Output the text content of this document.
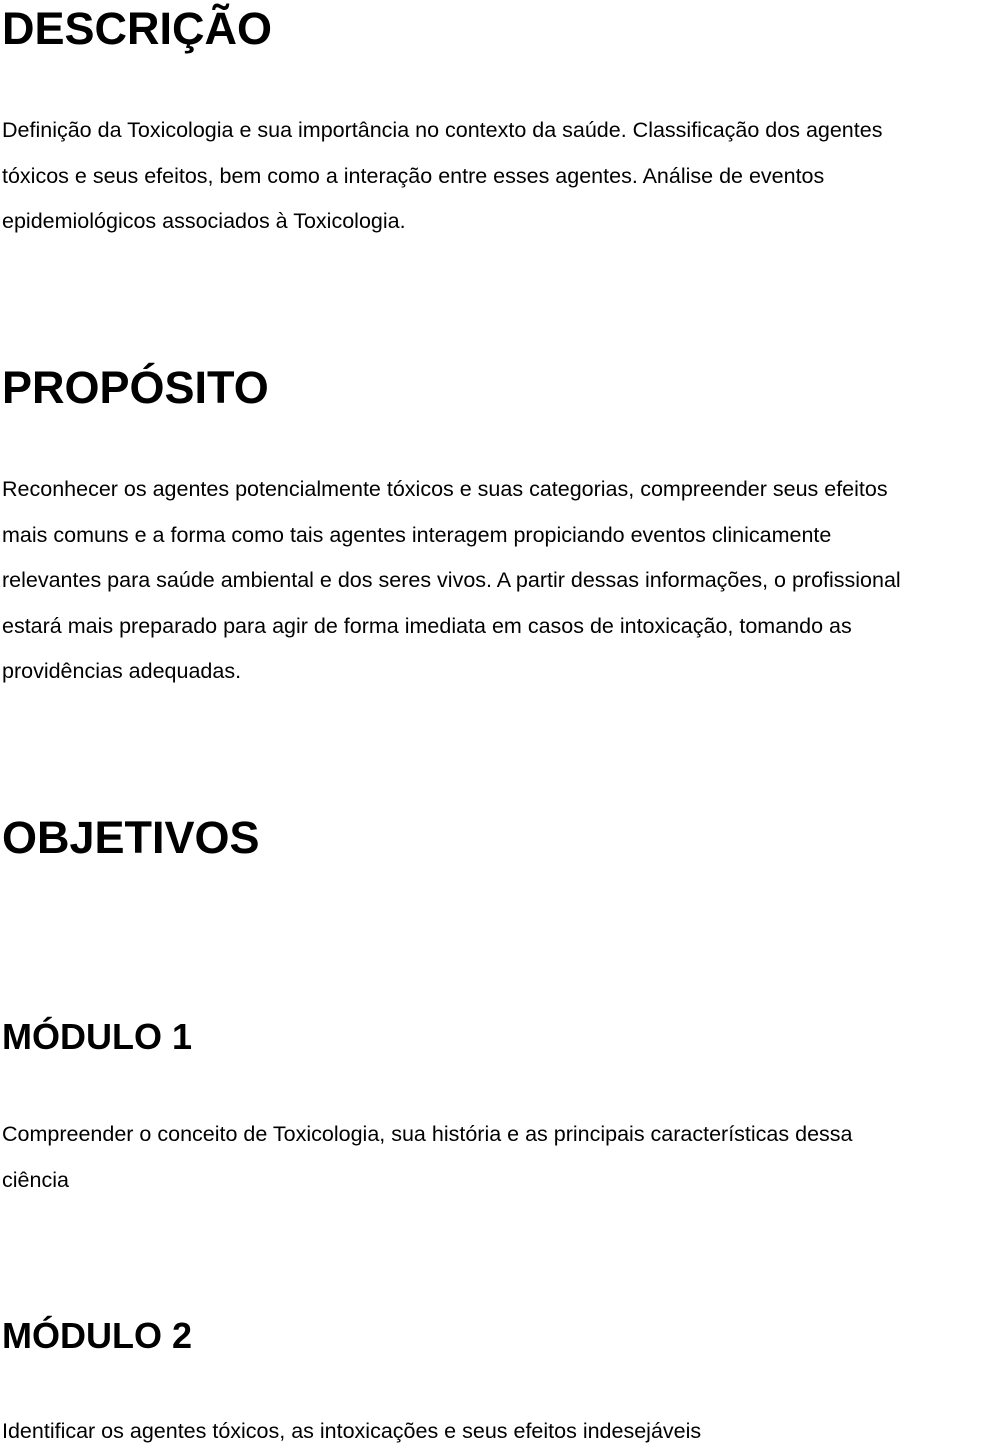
DESCRIÇÃO

Definição da Toxicologia e sua importância no contexto da saúde. Classificação dos agentes
tóxicos e seus efeitos, bem como a interação entre esses agentes. Análise de eventos
epidemiológicos associados à Toxicologia.

PROPÓSITO

Reconhecer os agentes potencialmente tóxicos e suas categorias, compreender seus efeitos
mais comuns e a forma como tais agentes interagem propiciando eventos clinicamente
relevantes para saúde ambiental e dos seres vivos. A partir dessas informações, o profissional
estará mais preparado para agir de forma imediata em casos de intoxicação, tomando as
providências adequadas.

OBJETIVOS
MÓDULO 1

Compreender o conceito de Toxicologia, sua história e as principais características dessa
ciência

MÓDULO 2

Identificar os agentes tóxicos, as intoxicações e seus efeitos indesejáveis
